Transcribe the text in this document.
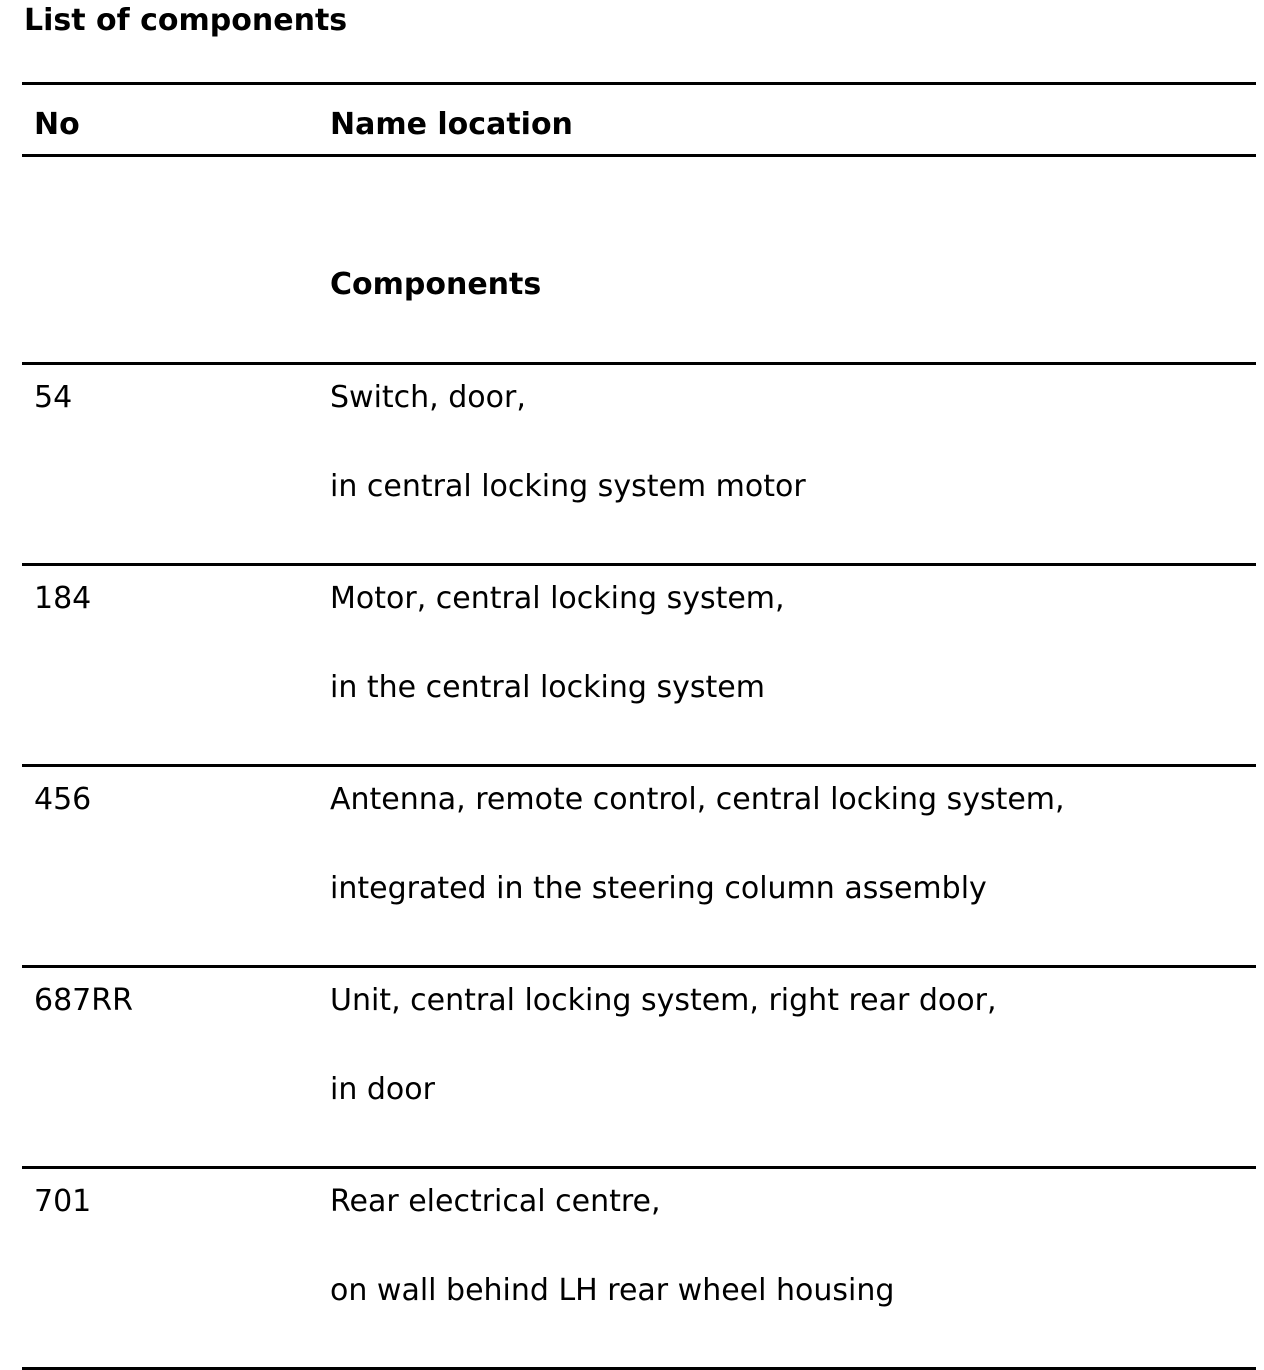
List of components
No	Name location
Components
54	Switch, door,
in central locking system motor
184	Motor, central locking system,
in the central locking system
456	Antenna, remote control, central locking system,
integrated in the steering column assembly
687RR	Unit, central locking system, right rear door,
in door
701	Rear electrical centre,
on wall behind LH rear wheel housing
